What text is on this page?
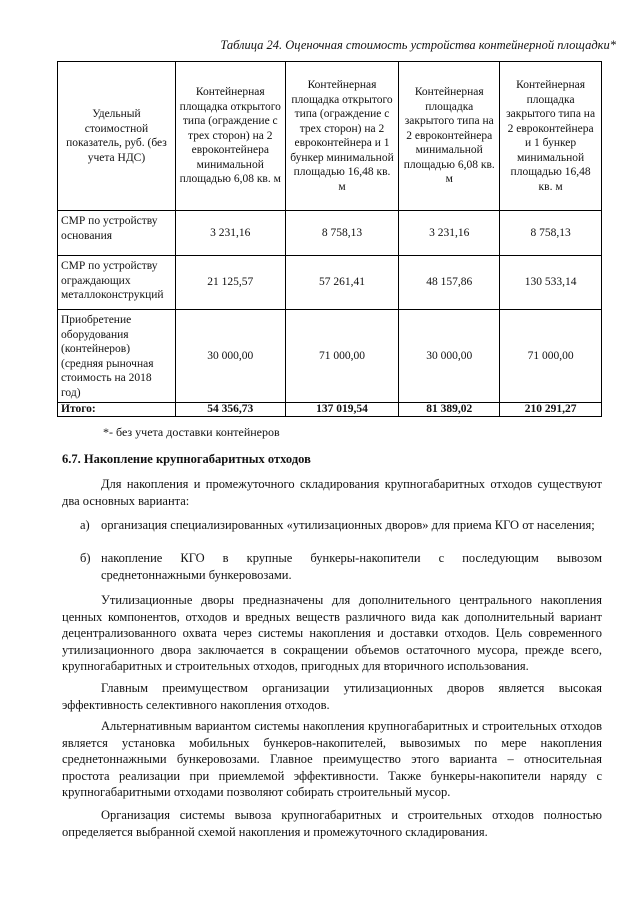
Таблица 24. Оценочная стоимость устройства контейнерной площадки*
Удельный стоимостной показатель, руб. (без учета НДС)	Контейнерная площадка открытого типа (ограждение с трех сторон) на 2 евроконтейнера минимальной площадью 6,08 кв. м	Контейнерная площадка открытого типа (ограждение с трех сторон) на 2 евроконтейнера и 1 бункер минимальной площадью 16,48 кв. м	Контейнерная площадка закрытого типа на 2 евроконтейнера минимальной площадью 6,08 кв. м	Контейнерная площадка закрытого типа на 2 евроконтейнера и 1 бункер минимальной площадью 16,48 кв. м
СМР по устройству основания	3 231,16	8 758,13	3 231,16	8 758,13
СМР по устройству ограждающих металлоконструкций	21 125,57	57 261,41	48 157,86	130 533,14
Приобретение оборудования (контейнеров) (средняя рыночная стоимость на 2018 год)	30 000,00	71 000,00	30 000,00	71 000,00
Итого:	54 356,73	137 019,54	81 389,02	210 291,27
*- без учета доставки контейнеров
6.7. Накопление крупногабаритных отходов

Для накопления и промежуточного складирования крупногабаритных отходов существуют два основных варианта:

а) организация специализированных «утилизационных дворов» для приема КГО от населения;
б) накопление КГО в крупные бункеры-накопители с последующим вывозом среднетоннажными бункеровозами.

Утилизационные дворы предназначены для дополнительного центрального накопления ценных компонентов, отходов и вредных веществ различного вида как дополнительный вариант децентрализованного охвата через системы накопления и доставки отходов. Цель современного утилизационного двора заключается в сокращении объемов остаточного мусора, прежде всего, крупногабаритных и строительных отходов, пригодных для вторичного использования.

Главным преимуществом организации утилизационных дворов является высокая эффективность селективного накопления отходов.

Альтернативным вариантом системы накопления крупногабаритных и строительных отходов является установка мобильных бункеров-накопителей, вывозимых по мере накопления среднетоннажными бункеровозами. Главное преимущество этого варианта – относительная простота реализации при приемлемой эффективности. Также бункеры-накопители наряду с крупногабаритными отходами позволяют собирать строительный мусор.

Организация системы вывоза крупногабаритных и строительных отходов полностью определяется выбранной схемой накопления и промежуточного складирования.
